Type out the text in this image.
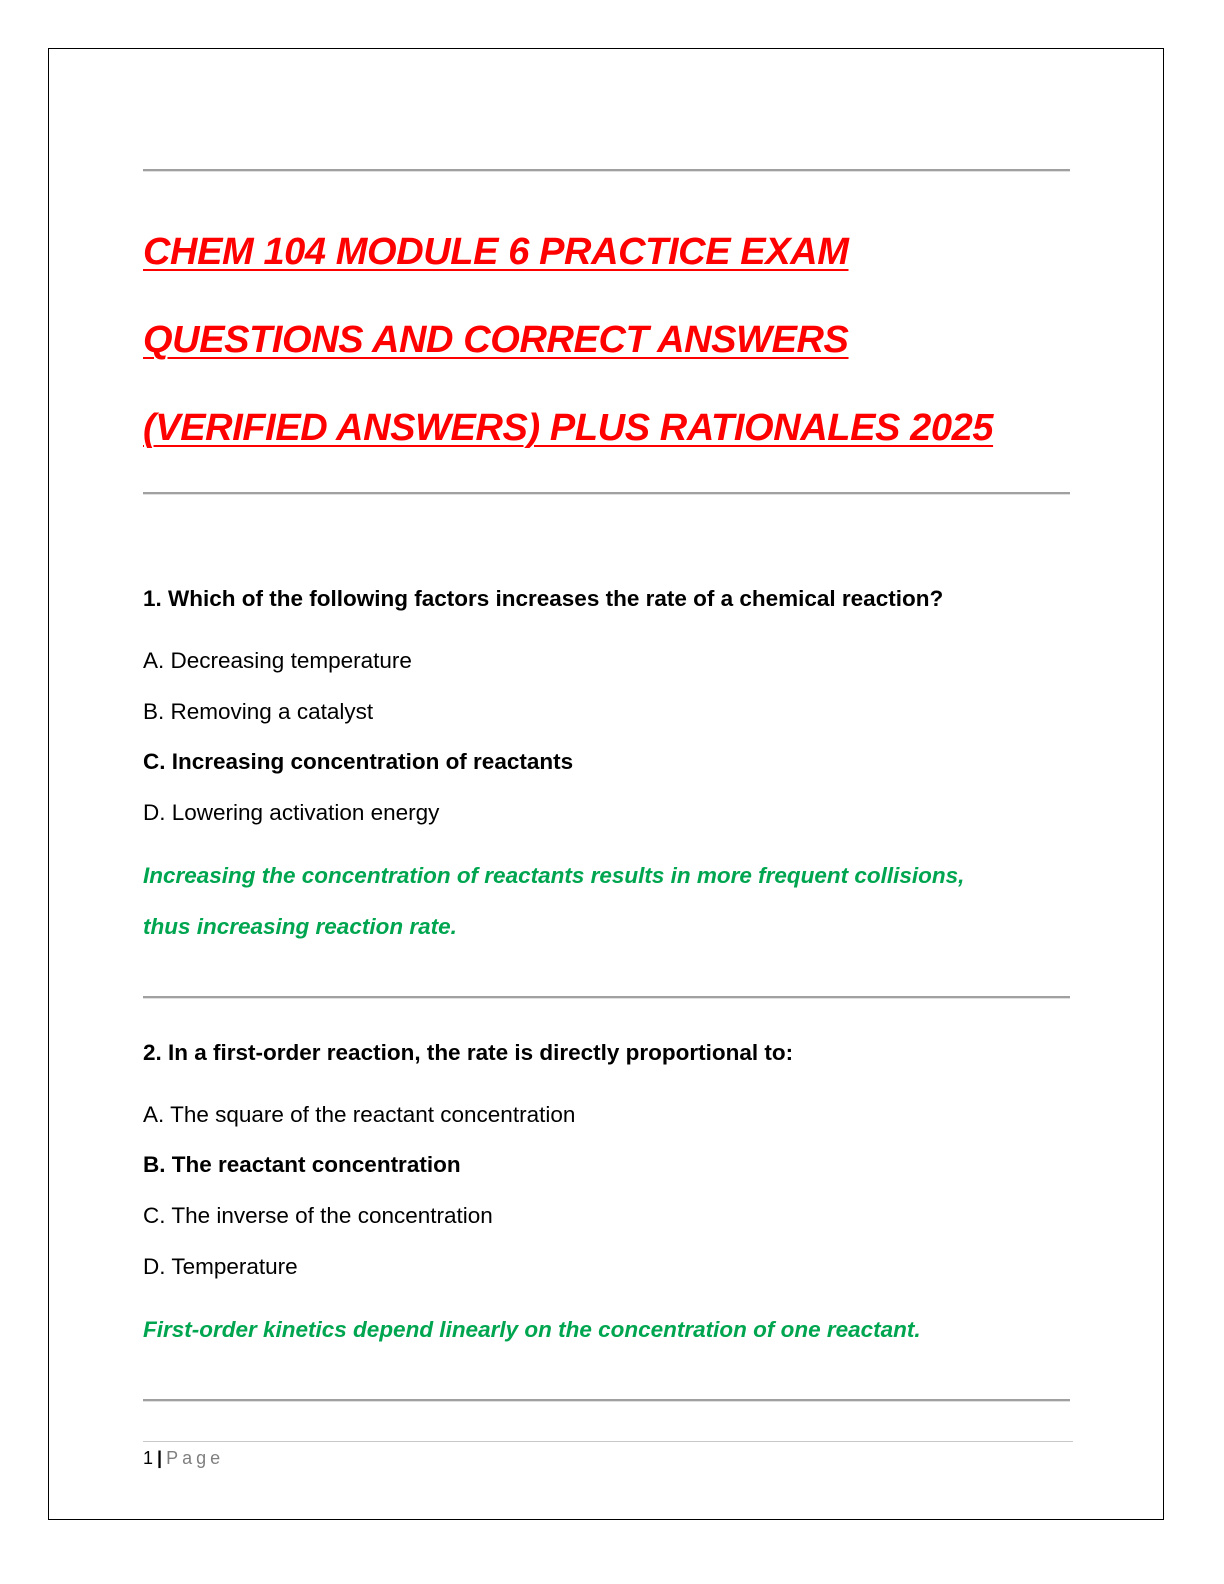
CHEM 104 MODULE 6 PRACTICE EXAM
QUESTIONS AND CORRECT ANSWERS
(VERIFIED ANSWERS) PLUS RATIONALES 2025

1. Which of the following factors increases the rate of a chemical reaction?

A. Decreasing temperature

B. Removing a catalyst

C. Increasing concentration of reactants

D. Lowering activation energy

Increasing the concentration of reactants results in more frequent collisions,
thus increasing reaction rate.

2. In a first-order reaction, the rate is directly proportional to:

A. The square of the reactant concentration

B. The reactant concentration

C. The inverse of the concentration

D. Temperature

First-order kinetics depend linearly on the concentration of one reactant.
1 | Page
